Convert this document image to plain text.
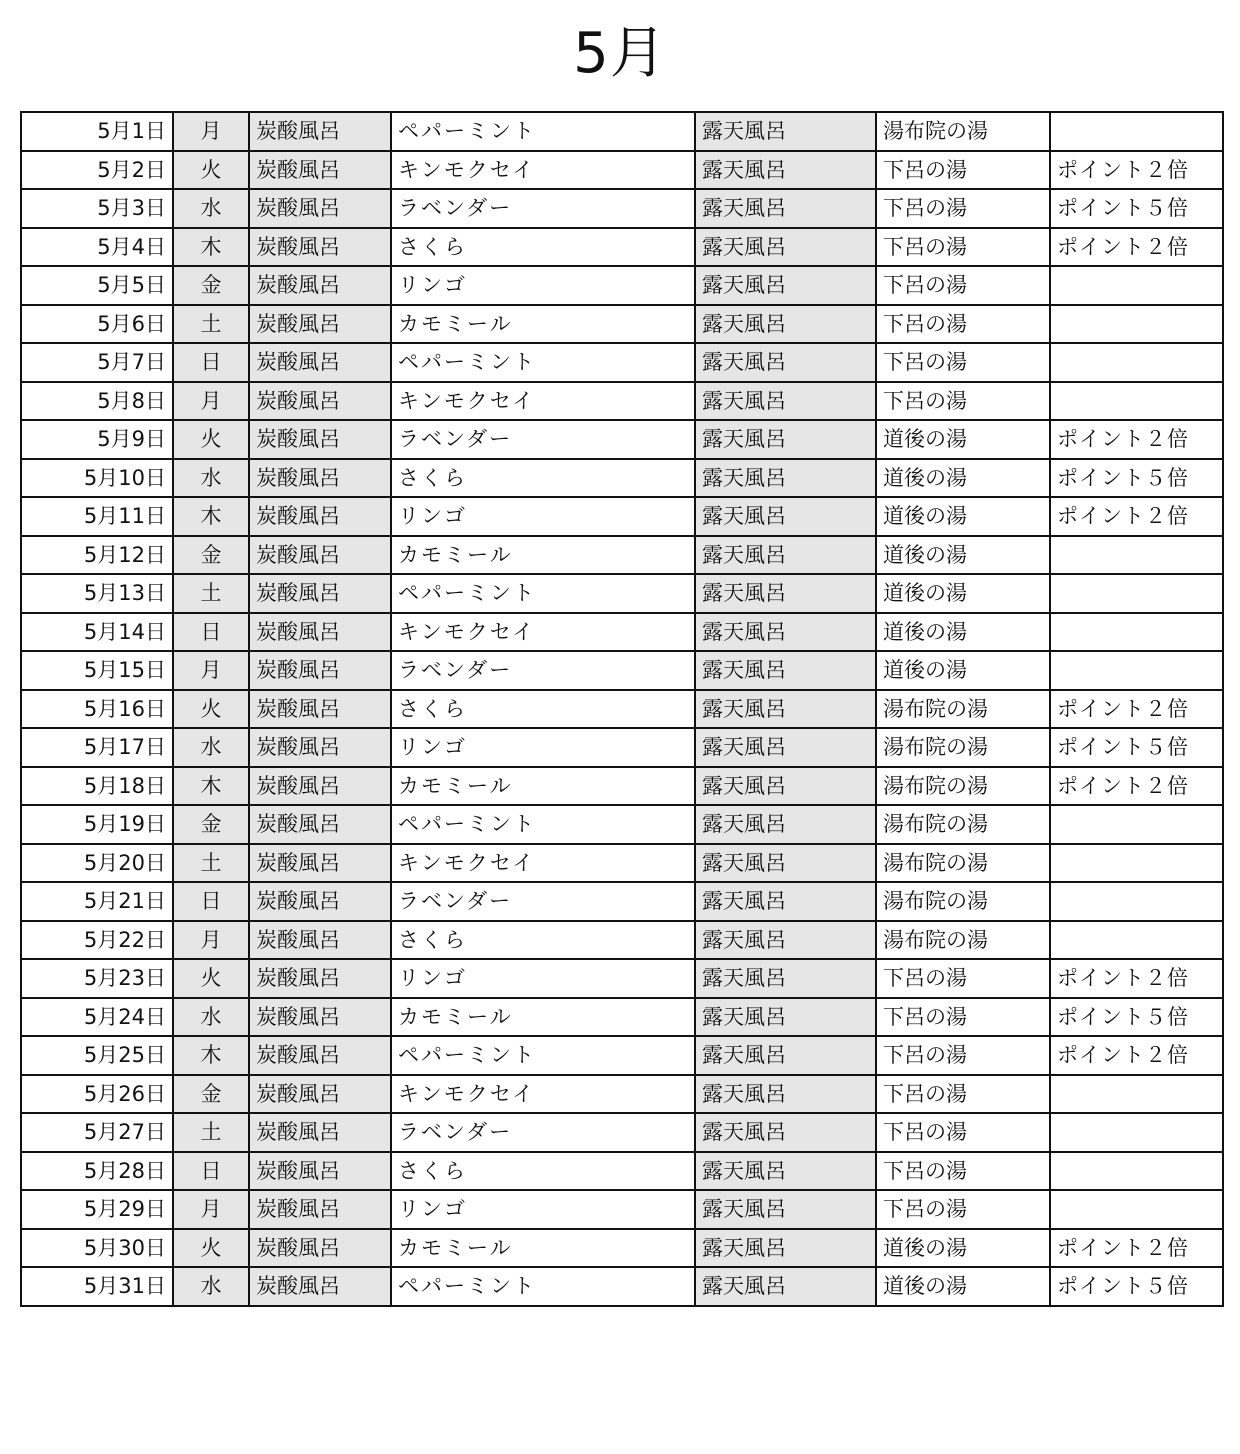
5月
5月1日	月	炭酸風呂	ペパーミント	露天風呂	湯布院の湯	
5月2日	火	炭酸風呂	キンモクセイ	露天風呂	下呂の湯	ポイント２倍
5月3日	水	炭酸風呂	ラベンダー	露天風呂	下呂の湯	ポイント５倍
5月4日	木	炭酸風呂	さくら	露天風呂	下呂の湯	ポイント２倍
5月5日	金	炭酸風呂	リンゴ	露天風呂	下呂の湯	
5月6日	土	炭酸風呂	カモミール	露天風呂	下呂の湯	
5月7日	日	炭酸風呂	ペパーミント	露天風呂	下呂の湯	
5月8日	月	炭酸風呂	キンモクセイ	露天風呂	下呂の湯	
5月9日	火	炭酸風呂	ラベンダー	露天風呂	道後の湯	ポイント２倍
5月10日	水	炭酸風呂	さくら	露天風呂	道後の湯	ポイント５倍
5月11日	木	炭酸風呂	リンゴ	露天風呂	道後の湯	ポイント２倍
5月12日	金	炭酸風呂	カモミール	露天風呂	道後の湯	
5月13日	土	炭酸風呂	ペパーミント	露天風呂	道後の湯	
5月14日	日	炭酸風呂	キンモクセイ	露天風呂	道後の湯	
5月15日	月	炭酸風呂	ラベンダー	露天風呂	道後の湯	
5月16日	火	炭酸風呂	さくら	露天風呂	湯布院の湯	ポイント２倍
5月17日	水	炭酸風呂	リンゴ	露天風呂	湯布院の湯	ポイント５倍
5月18日	木	炭酸風呂	カモミール	露天風呂	湯布院の湯	ポイント２倍
5月19日	金	炭酸風呂	ペパーミント	露天風呂	湯布院の湯	
5月20日	土	炭酸風呂	キンモクセイ	露天風呂	湯布院の湯	
5月21日	日	炭酸風呂	ラベンダー	露天風呂	湯布院の湯	
5月22日	月	炭酸風呂	さくら	露天風呂	湯布院の湯	
5月23日	火	炭酸風呂	リンゴ	露天風呂	下呂の湯	ポイント２倍
5月24日	水	炭酸風呂	カモミール	露天風呂	下呂の湯	ポイント５倍
5月25日	木	炭酸風呂	ペパーミント	露天風呂	下呂の湯	ポイント２倍
5月26日	金	炭酸風呂	キンモクセイ	露天風呂	下呂の湯	
5月27日	土	炭酸風呂	ラベンダー	露天風呂	下呂の湯	
5月28日	日	炭酸風呂	さくら	露天風呂	下呂の湯	
5月29日	月	炭酸風呂	リンゴ	露天風呂	下呂の湯	
5月30日	火	炭酸風呂	カモミール	露天風呂	道後の湯	ポイント２倍
5月31日	水	炭酸風呂	ペパーミント	露天風呂	道後の湯	ポイント５倍
